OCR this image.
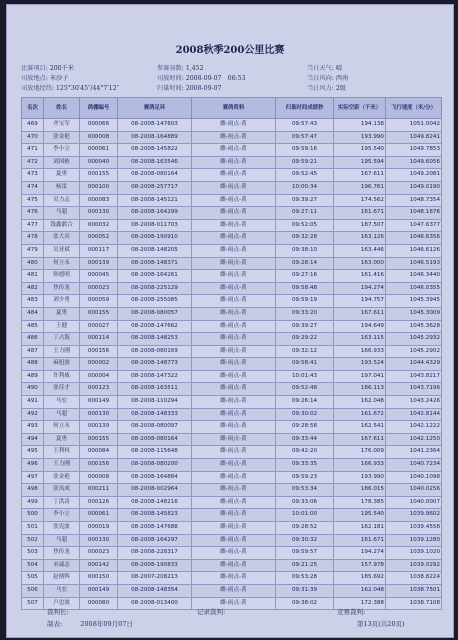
2008秋季200公里比赛
比赛项目: 200千米
司放地点: 米沙子
司放地经纬: 125°30′45″/44°7′12″
参赛羽数: 1,452
司放时间: 2008-09-07　06:53
归巢时间: 2008-09-07
当日天气: 晴
当日风向: 西南
当日风力: 2级
名次	姓名	鸽棚编号	赛鸽足环	赛鸽资料	归巢时间成绩秒	实际空距（千米）	飞行速度（米/分）
469	齐宝军	000066	08-2008-147603	雌-雨点-黄	09:57:43	194.138	1051.0042
470	张金艳	000008	08-2008-164889	雌-雨点-黄	09:57:47	193.990	1049.8241
471	李小立	000061	08-2008-145822	雌-雨点-黄	09:59:16	195.540	1049.7853
472	刘国栋	000040	08-2008-163546	雌-雨点-黄	09:59:21	195.594	1049.6056
473	夏勇	000155	08-2008-080164	雌-雨点-黄	09:52:45	167.611	1049.2081
474	杨雷	000100	08-2008-257717	雌-雨点-黄	10:00:34	196.761	1049.0190
475	吴力志	000083	08-2008-145121	雌-雨点-黄	09:39:27	174.562	1048.7354
476	马超	000130	08-2008-164299	雌-雨点-黄	09:27:11	161.671	1048.1876
477	钱鑫鹞合	000032	08-2008-011703	雌-雨点-黄	09:52:05	187.507	1047.6377
478	张大宾	000052	08-2008-190910	雌-雨点-黄	09:32:28	163.126	1046.6356
479	吴亚斌	000117	08-2008-148205	雌-雨点-黄	09:38:10	163.446	1046.6126
480	何立永	000139	08-2008-148371	雌-雨点-黄	09:28:14	163.000	1046.5193
481	韩德明	000045	08-2008-164261	雌-雨点-黄	09:27:16	161.416	1046.3440
482	焦传龙	000023	08-2008-225129	雌-雨点-黄	09:58:48	194.274	1046.0355
483	刘少勇	000059	08-2008-255085	雌-雨点-黄	09:59:19	194.757	1045.3945
484	夏勇	000155	08-2008-080057	雌-雨点-黄	09:33:20	167.611	1045.3009
485	王健	000027	08-2008-147662	雌-雨点-黄	09:39:27	194.649	1045.3628
486	丁占海	000114	08-2008-148253	雌-雨点-黄	09:29:22	163.115	1045.2932
487	王力刚	000156	08-2008-080169	雌-雨点-黄	09:32:12	166.933	1045.2902
488	麻旭波	000002	08-2008-148773	雌-雨点-黄	09:58:41	193.524	1044.4329
489	许利威	000004	08-2008-147322	雌-雨点-黄	10:01:43	197.041	1043.8217
490	张佳才	000123	08-2008-163511	雌-雨点-黄	09:52:48	186.113	1043.7196
491	马宏	000149	08-2008-110294	雌-雨点-黄	09:26:14	162.048	1043.2426
492	马超	000130	08-2008-148333	雌-雨点-黄	09:30:02	161.672	1042.8144
493	何立永	000139	08-2008-080097	雌-雨点-黄	09:28:58	162.541	1042.1222
494	夏勇	000155	08-2008-080164	雌-雨点-黄	09:33:44	167.611	1042.1250
495	王利权	000084	08-2008-115648	雌-雨点-黄	09:42:20	176.009	1041.2364
496	王力刚	000156	08-2008-080200	雌-雨点-黄	09:33:35	166.933	1040.7234
497	张金艳	000008	08-2008-164884	雌-雨点-黄	09:59:23	193.990	1040.1098
498	张凤成	000211	08-2008-002964	雌-雨点-黄	09:53:34	186.015	1040.0256
499	丁洪涛	000126	08-2008-148216	雌-雨点-黄	09:33:06	178.385	1040.0007
500	李小立	000061	08-2008-145823	雌-雨点-黄	10:01:00	195.540	1039.9602
501	张宪波	000019	08-2008-147688	雌-雨点-黄	09:28:52	162.181	1039.4558
502	马超	000130	08-2008-164297	雌-雨点-黄	09:30:32	161.671	1039.1280
503	焦传龙	000023	08-2008-228317	雌-雨点-黄	09:59:57	194.274	1039.1020
504	宋诚志	000142	08-2008-190833	雌-雨点-黄	09:21:25	157.978	1039.0292
505	赵炳辉	000150	08-2007-208213	雌-雨点-黄	09:53:28	185.692	1038.8224
506	马宏	000149	08-2008-148354	雌-雨点-黄	09:31:39	162.048	1038.7501
507	卢忠波	000080	08-2008-013400	雌-雨点-黄	09:38:02	172.388	1038.7108
裁判长:	记录裁判:	竞赛裁判:
制表:	2008年09月07日	第13页(共20页)
